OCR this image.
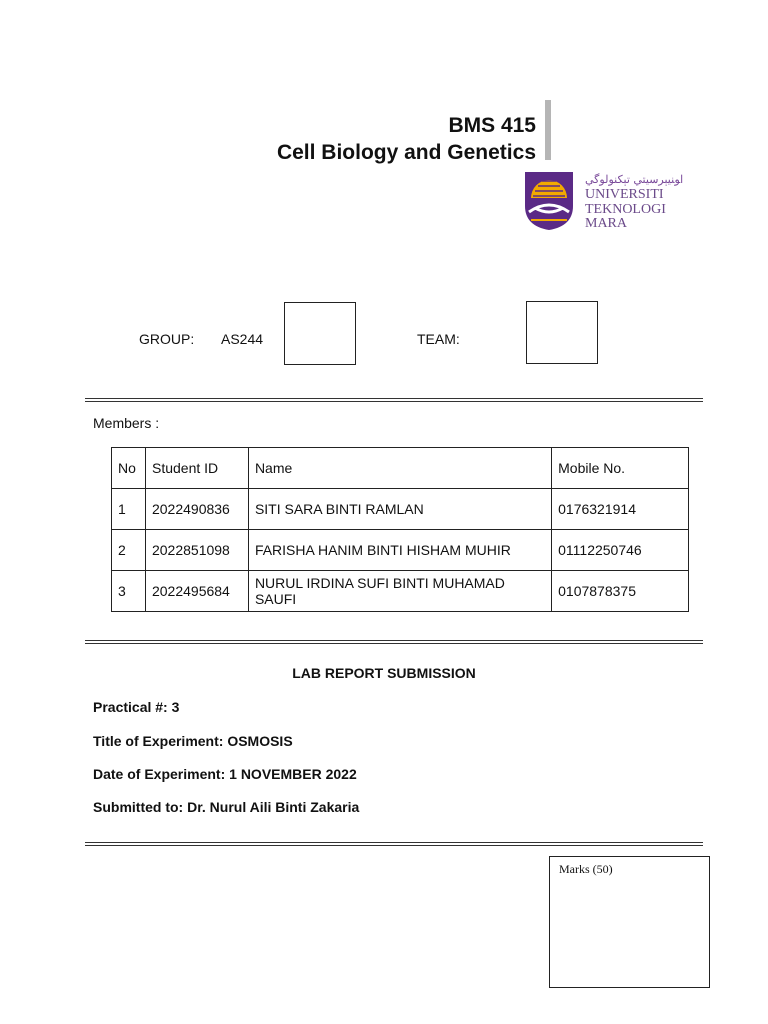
BMS 415
Cell Biology and Genetics
ﺍﻮﻨﻴﯧﺮﺳﻴﺘﻲ ﺗﯧﻜﻨﻮﻟﻮﮔﻲ
UNIVERSITI
TEKNOLOGI
MARA
GROUP: AS244	TEAM:
Members :
No	Student ID	Name	Mobile No.
1	2022490836	SITI SARA BINTI RAMLAN	0176321914
2	2022851098	FARISHA HANIM BINTI HISHAM MUHIR	01112250746
3	2022495684	NURUL IRDINA SUFI BINTI MUHAMAD SAUFI	0107878375
LAB REPORT SUBMISSION
Practical #: 3
Title of Experiment: OSMOSIS
Date of Experiment: 1 NOVEMBER 2022
Submitted to: Dr. Nurul Aili Binti Zakaria
Marks (50)
